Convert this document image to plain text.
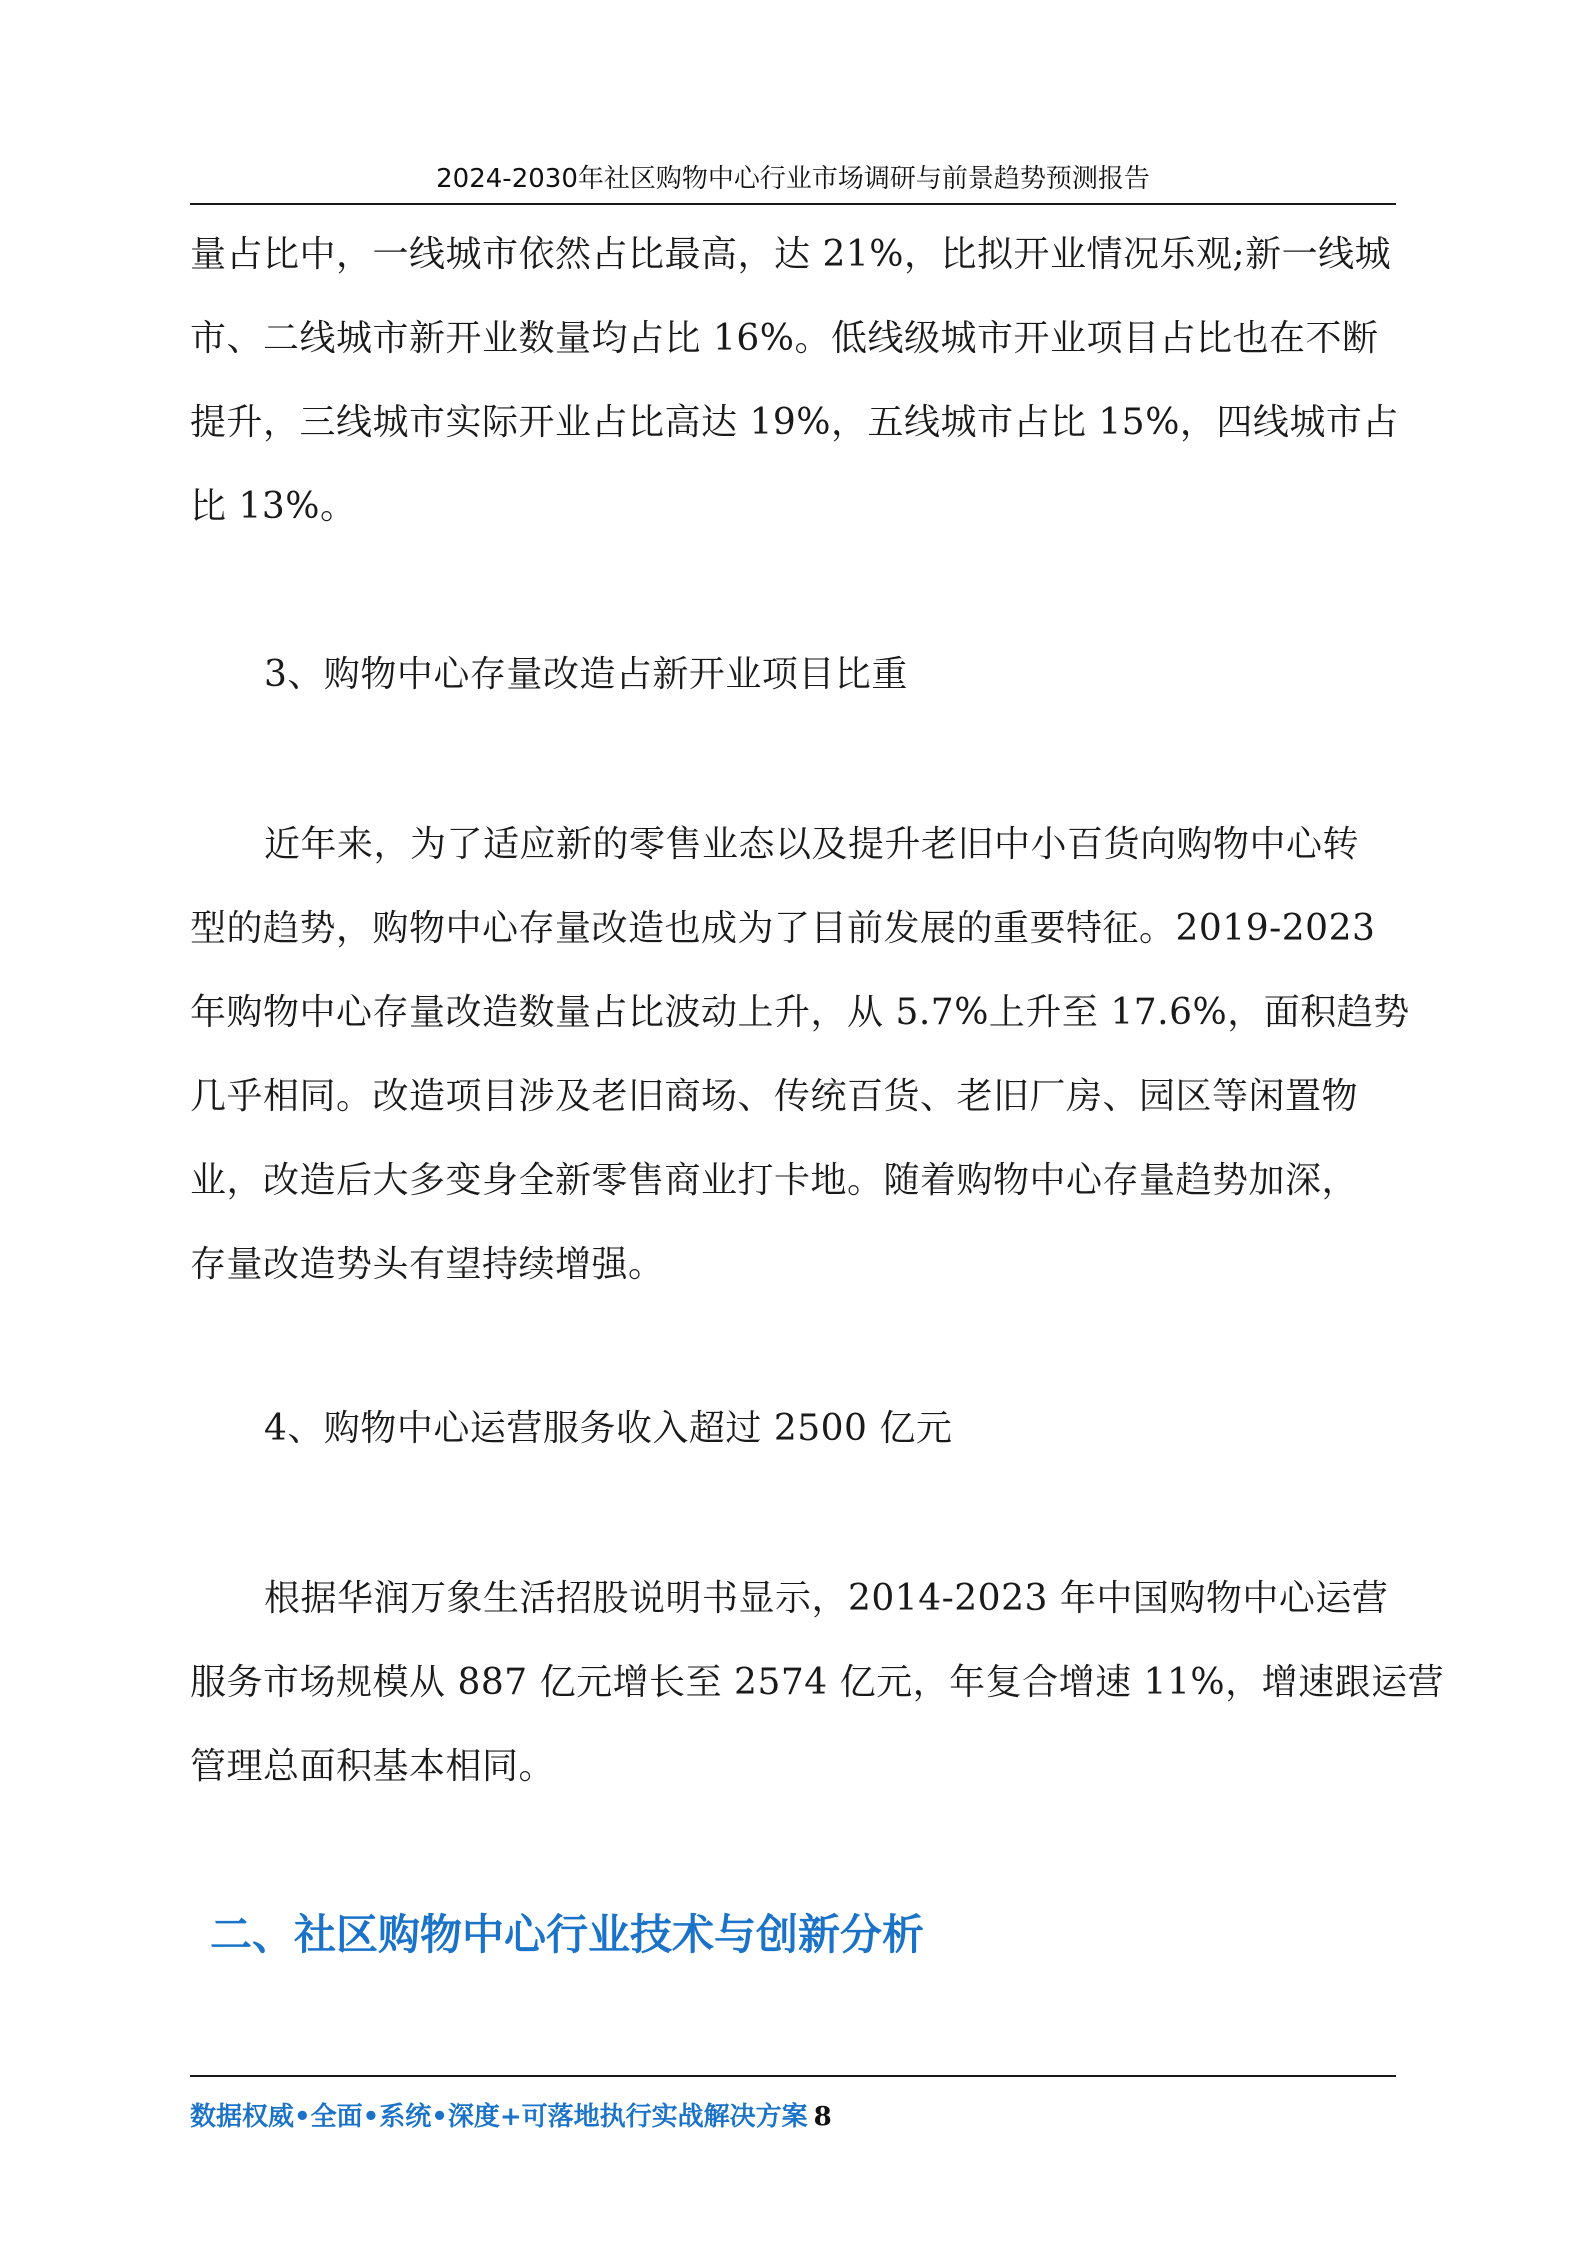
2024-2030年社区购物中心行业市场调研与前景趋势预测报告

量占比中，一线城市依然占比最高，达 21%，比拟开业情况乐观;新一线城
市、二线城市新开业数量均占比 16%。低线级城市开业项目占比也在不断
提升，三线城市实际开业占比高达 19%，五线城市占比 15%，四线城市占
比 13%。

3、购物中心存量改造占新开业项目比重

近年来，为了适应新的零售业态以及提升老旧中小百货向购物中心转
型的趋势，购物中心存量改造也成为了目前发展的重要特征。2019-2023
年购物中心存量改造数量占比波动上升，从 5.7%上升至 17.6%，面积趋势
几乎相同。改造项目涉及老旧商场、传统百货、老旧厂房、园区等闲置物
业，改造后大多变身全新零售商业打卡地。随着购物中心存量趋势加深，
存量改造势头有望持续增强。

4、购物中心运营服务收入超过 2500 亿元

根据华润万象生活招股说明书显示，2014-2023 年中国购物中心运营
服务市场规模从 887 亿元增长至 2574 亿元，年复合增速 11%，增速跟运营
管理总面积基本相同。

二、社区购物中心行业技术与创新分析
数据权威•全面•系统•深度+可落地执行实战解决方案 8
